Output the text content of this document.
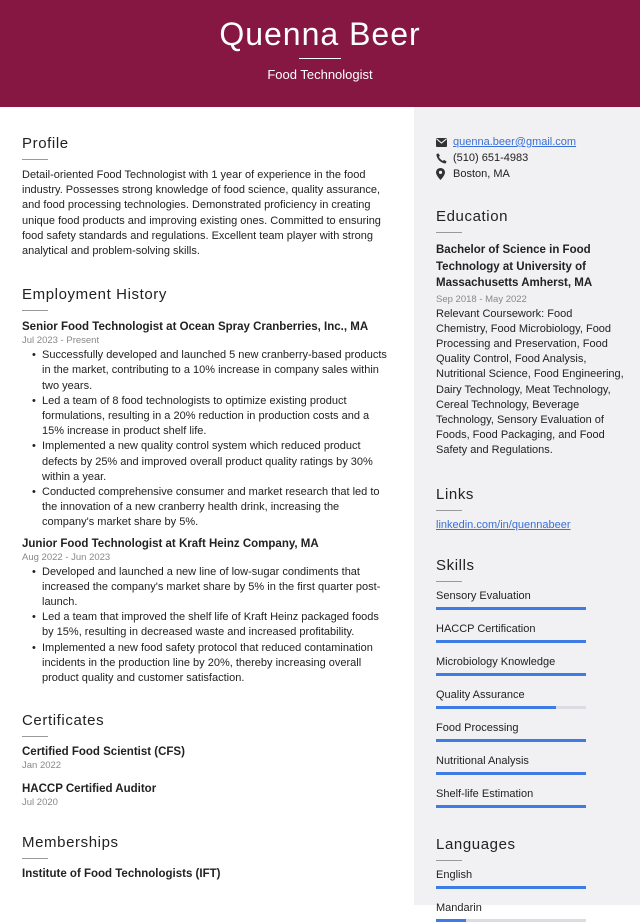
Quenna Beer
Food Technologist
Profile

Detail-oriented Food Technologist with 1 year of experience in the food industry. Possesses strong knowledge of food science, quality assurance, and food processing technologies. Demonstrated proficiency in creating unique food products and improving existing ones. Committed to ensuring food safety standards and regulations. Excellent team player with strong analytical and problem-solving skills.

Employment History
Senior Food Technologist at Ocean Spray Cranberries, Inc., MA
Jul 2023 - Present
• Successfully developed and launched 5 new cranberry-based products in the market, contributing to a 10% increase in company sales within two years.
• Led a team of 8 food technologists to optimize existing product formulations, resulting in a 20% reduction in production costs and a 15% increase in product shelf life.
• Implemented a new quality control system which reduced product defects by 25% and improved overall product quality ratings by 30% within a year.
• Conducted comprehensive consumer and market research that led to the innovation of a new cranberry health drink, increasing the company's market share by 5%.
Junior Food Technologist at Kraft Heinz Company, MA
Aug 2022 - Jun 2023
• Developed and launched a new line of low-sugar condiments that increased the company's market share by 5% in the first quarter post-launch.
• Led a team that improved the shelf life of Kraft Heinz packaged foods by 15%, resulting in decreased waste and increased profitability.
• Implemented a new food safety protocol that reduced contamination incidents in the production line by 20%, thereby increasing overall product quality and customer satisfaction.
Certificates
Certified Food Scientist (CFS)
Jan 2022
HACCP Certified Auditor
Jul 2020
Memberships
Institute of Food Technologists (IFT)
quenna.beer@gmail.com
(510) 651-4983
Boston, MA
Education
Bachelor of Science in Food Technology at University of Massachusetts Amherst, MA
Sep 2018 - May 2022

Relevant Coursework: Food Chemistry, Food Microbiology, Food Processing and Preservation, Food Quality Control, Food Analysis, Nutritional Science, Food Engineering, Dairy Technology, Meat Technology, Cereal Technology, Beverage Technology, Sensory Evaluation of Foods, Food Packaging, and Food Safety and Regulations.

Links
linkedin.com/in/quennabeer
Skills
Sensory Evaluation
HACCP Certification
Microbiology Knowledge
Quality Assurance
Food Processing
Nutritional Analysis
Shelf-life Estimation
Languages
English
Mandarin
